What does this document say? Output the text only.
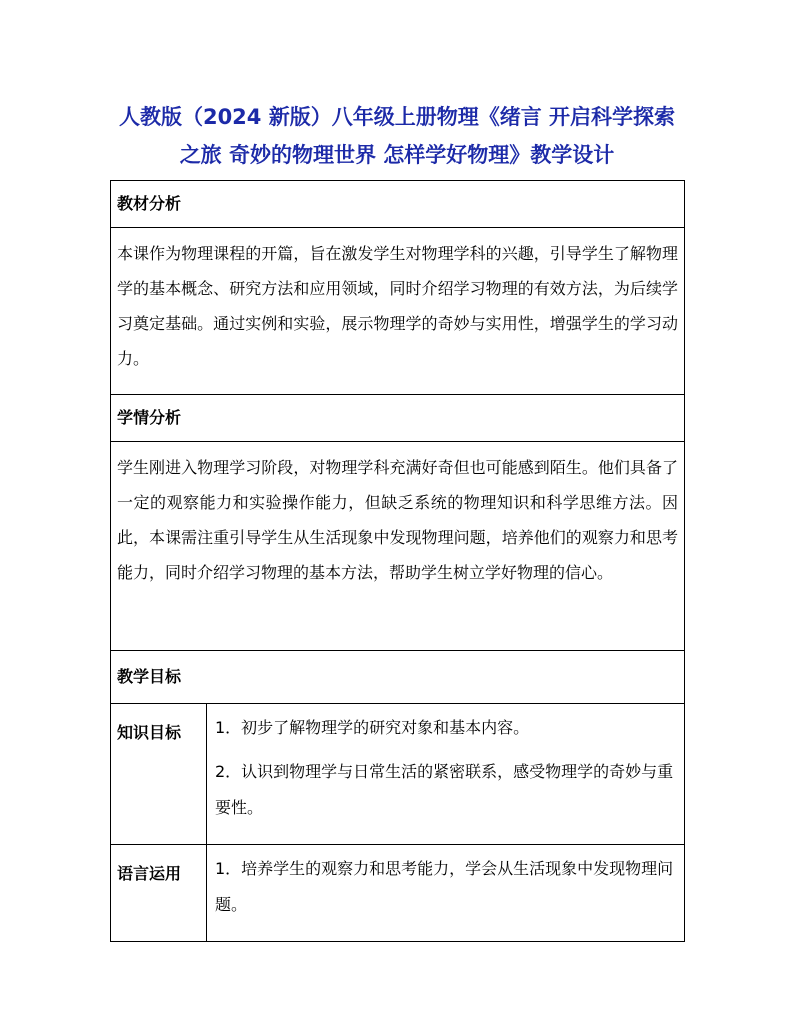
人教版（2024 新版）八年级上册物理《绪言 开启科学探索
之旅 奇妙的物理世界 怎样学好物理》教学设计
教材分析	
本课作为物理课程的开篇，旨在激发学生对物理学科的兴趣，引导学生了解物理学的基本概念、研究方法和应用领域，同时介绍学习物理的有效方法，为后续学习奠定基础。通过实例和实验，展示物理学的奇妙与实用性，增强学生的学习动力。	
学情分析	
学生刚进入物理学习阶段，对物理学科充满好奇但也可能感到陌生。他们具备了一定的观察能力和实验操作能力，但缺乏系统的物理知识和科学思维方法。因此，本课需注重引导学生从生活现象中发现物理问题，培养他们的观察力和思考能力，同时介绍学习物理的基本方法，帮助学生树立学好物理的信心。	
教学目标	
知识目标	1．初步了解物理学的研究对象和基本内容。
2．认识到物理学与日常生活的紧密联系，感受物理学的奇妙与重要性。

语言运用	1．培养学生的观察力和思考能力，学会从生活现象中发现物理问题。
